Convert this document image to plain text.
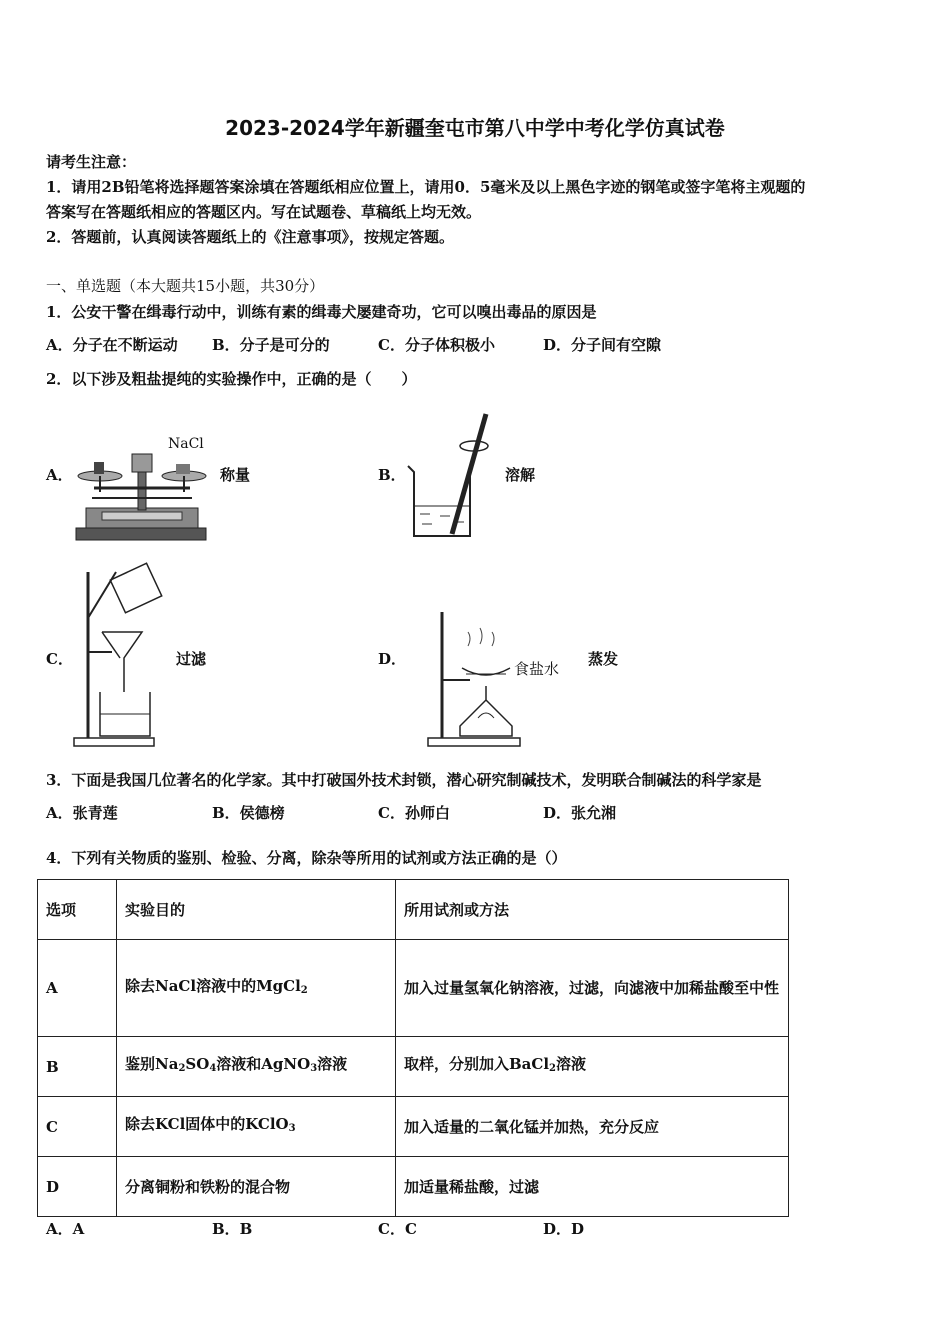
2023-2024学年新疆奎屯市第八中学中考化学仿真试卷
请考生注意：
1．请用2B铅笔将选择题答案涂填在答题纸相应位置上，请用0．5毫米及以上黑色字迹的钢笔或签字笔将主观题的
答案写在答题纸相应的答题区内。写在试题卷、草稿纸上均无效。
2．答题前，认真阅读答题纸上的《注意事项》，按规定答题。
一、单选题（本大题共15小题，共30分）
1．公安干警在缉毒行动中，训练有素的缉毒犬屡建奇功，它可以嗅出毒品的原因是
A．分子在不断运动 B．分子是可分的	C．分子体积极小	D．分子间有空隙
2．以下涉及粗盐提纯的实验操作中，正确的是（　　）
A．	称量
NaCl
B．	溶解
C．	过滤	D．	蒸发
食盐水
3．下面是我国几位著名的化学家。其中打破国外技术封锁，潜心研究制碱技术，发明联合制碱法的科学家是
A．张青莲	B．侯德榜	C．孙师白	D．张允湘
4．下列有关物质的鉴别、检验、分离，除杂等所用的试剂或方法正确的是（）
选项	实验目的	所用试剂或方法
A	除去NaCl溶液中的MgCl$_2$	加入过量氢氧化钠溶液，过滤，向滤液中加稀盐酸至中性

B	鉴别$Na_2SO_4$溶液和AgNO$_3$溶液	取样，分别加入BaCl$_2$溶液
C	除去KCl固体中的KClO$_3$	加入适量的二氧化锰并加热，充分反应
D	分离铜粉和铁粉的混合物	加适量稀盐酸，过滤
A．A	B．B	C．C	D．D
